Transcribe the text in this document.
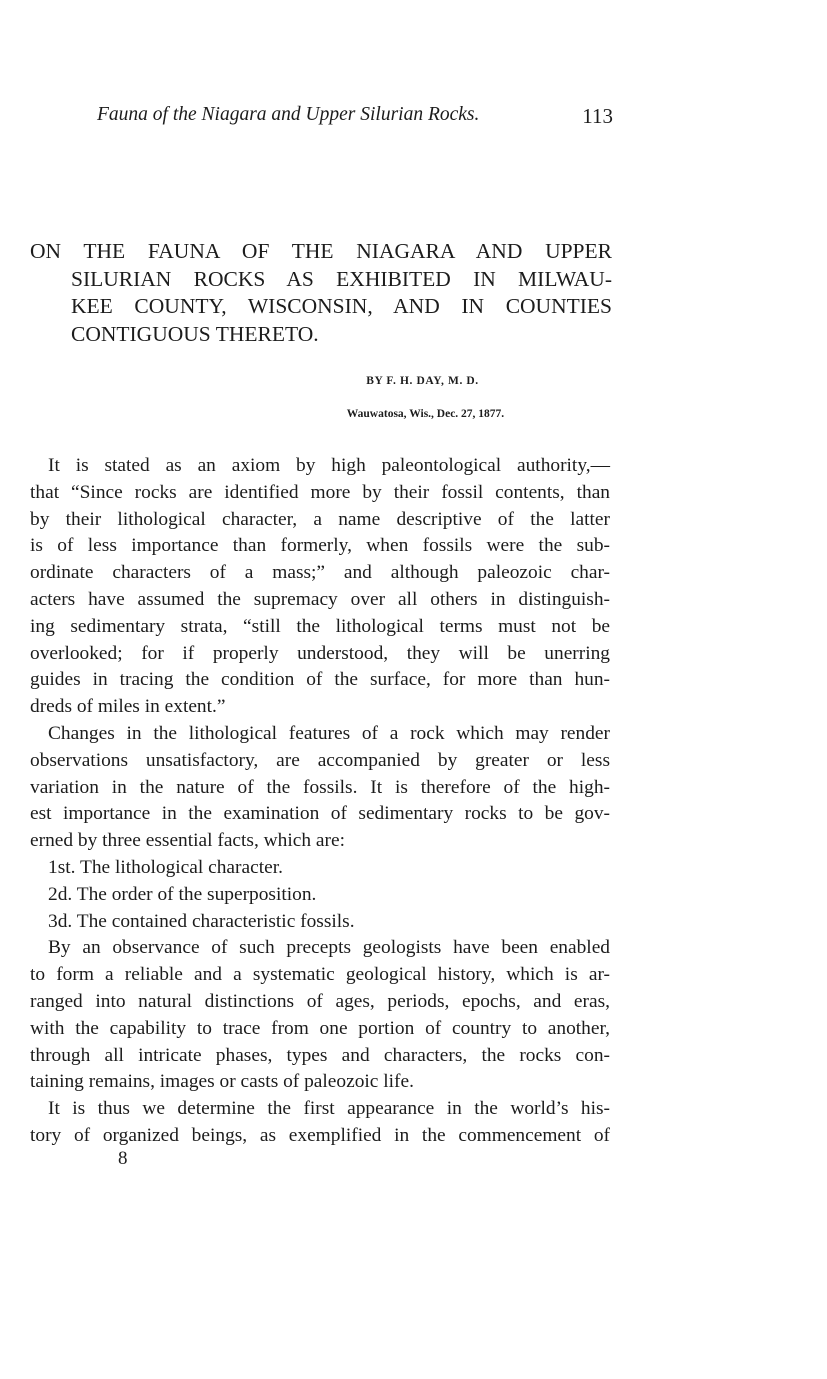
Fauna of the Niagara and Upper Silurian Rocks.	113
ON THE FAUNA OF THE NIAGARA AND UPPER
SILURIAN ROCKS AS EXHIBITED IN MILWAU-
KEE COUNTY, WISCONSIN, AND IN COUNTIES
CONTIGUOUS THERETO.
BY F. H. DAY, M. D.
Wauwatosa, Wis., Dec. 27, 1877.
It is stated as an axiom by high paleontological authority,—
that “Since rocks are identified more by their fossil contents, than
by their lithological character, a name descriptive of the latter
is of less importance than formerly, when fossils were the sub-
ordinate characters of a mass;” and although paleozoic char-
acters have assumed the supremacy over all others in distinguish-
ing sedimentary strata, “still the lithological terms must not be
overlooked; for if properly understood, they will be unerring
guides in tracing the condition of the surface, for more than hun-
dreds of miles in extent.”
Changes in the lithological features of a rock which may render
observations unsatisfactory, are accompanied by greater or less
variation in the nature of the fossils. It is therefore of the high-
est importance in the examination of sedimentary rocks to be gov-
erned by three essential facts, which are:
1st. The lithological character.
2d. The order of the superposition.
3d. The contained characteristic fossils.
By an observance of such precepts geologists have been enabled
to form a reliable and a systematic geological history, which is ar-
ranged into natural distinctions of ages, periods, epochs, and eras,
with the capability to trace from one portion of country to another,
through all intricate phases, types and characters, the rocks con-
taining remains, images or casts of paleozoic life.
It is thus we determine the first appearance in the world’s his-
tory of organized beings, as exemplified in the commencement of
8
